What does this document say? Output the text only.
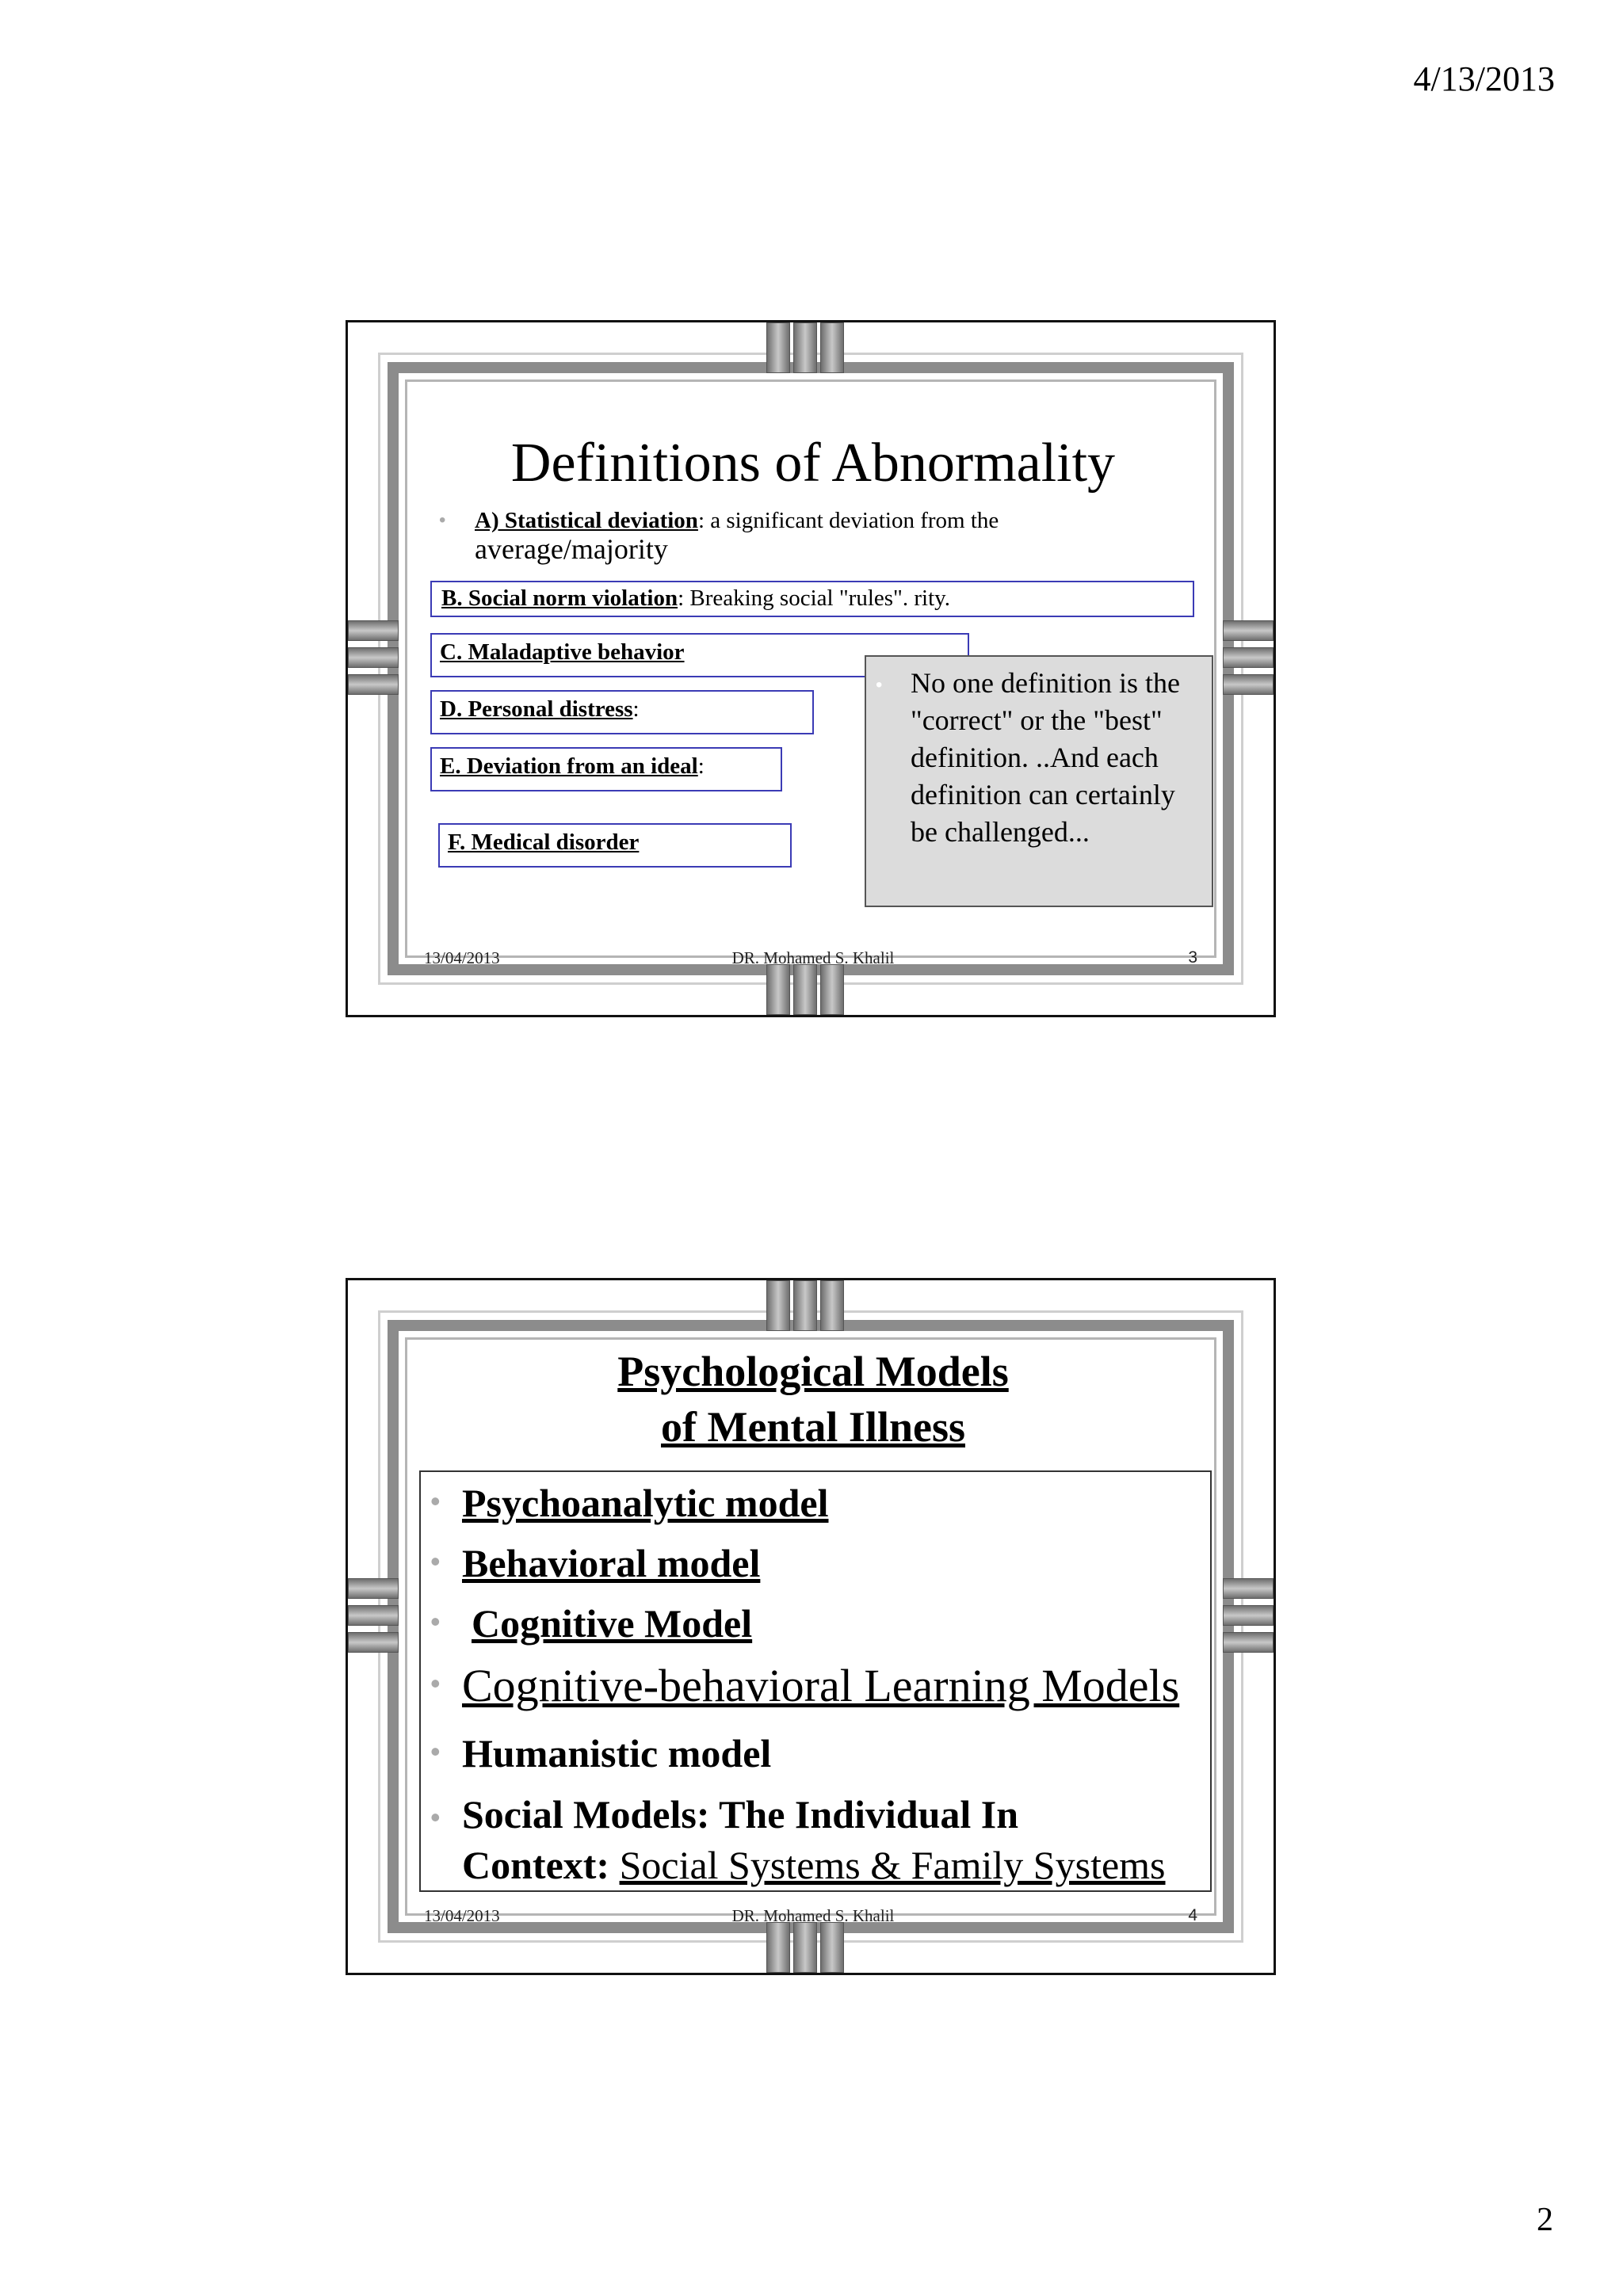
4/13/2013
Definitions of Abnormality
• A) Statistical deviation: a significant deviation from the
average/majority
B. Social norm violation: Breaking social "rules". rity.
C. Maladaptive behavior
D. Personal distress:
E. Deviation from an ideal:
F. Medical disorder
• No one definition is the "correct" or the "best" definition. ..And each definition can certainly be challenged...
13/04/2013	DR. Mohamed S. Khalil	3
Psychological Models
of Mental Illness
• Psychoanalytic model
• Behavioral model
• Cognitive Model
• Cognitive-behavioral Learning Models
• Humanistic model
• Social Models: The Individual In
Context: Social Systems & Family Systems
13/04/2013	DR. Mohamed S. Khalil	4
2
